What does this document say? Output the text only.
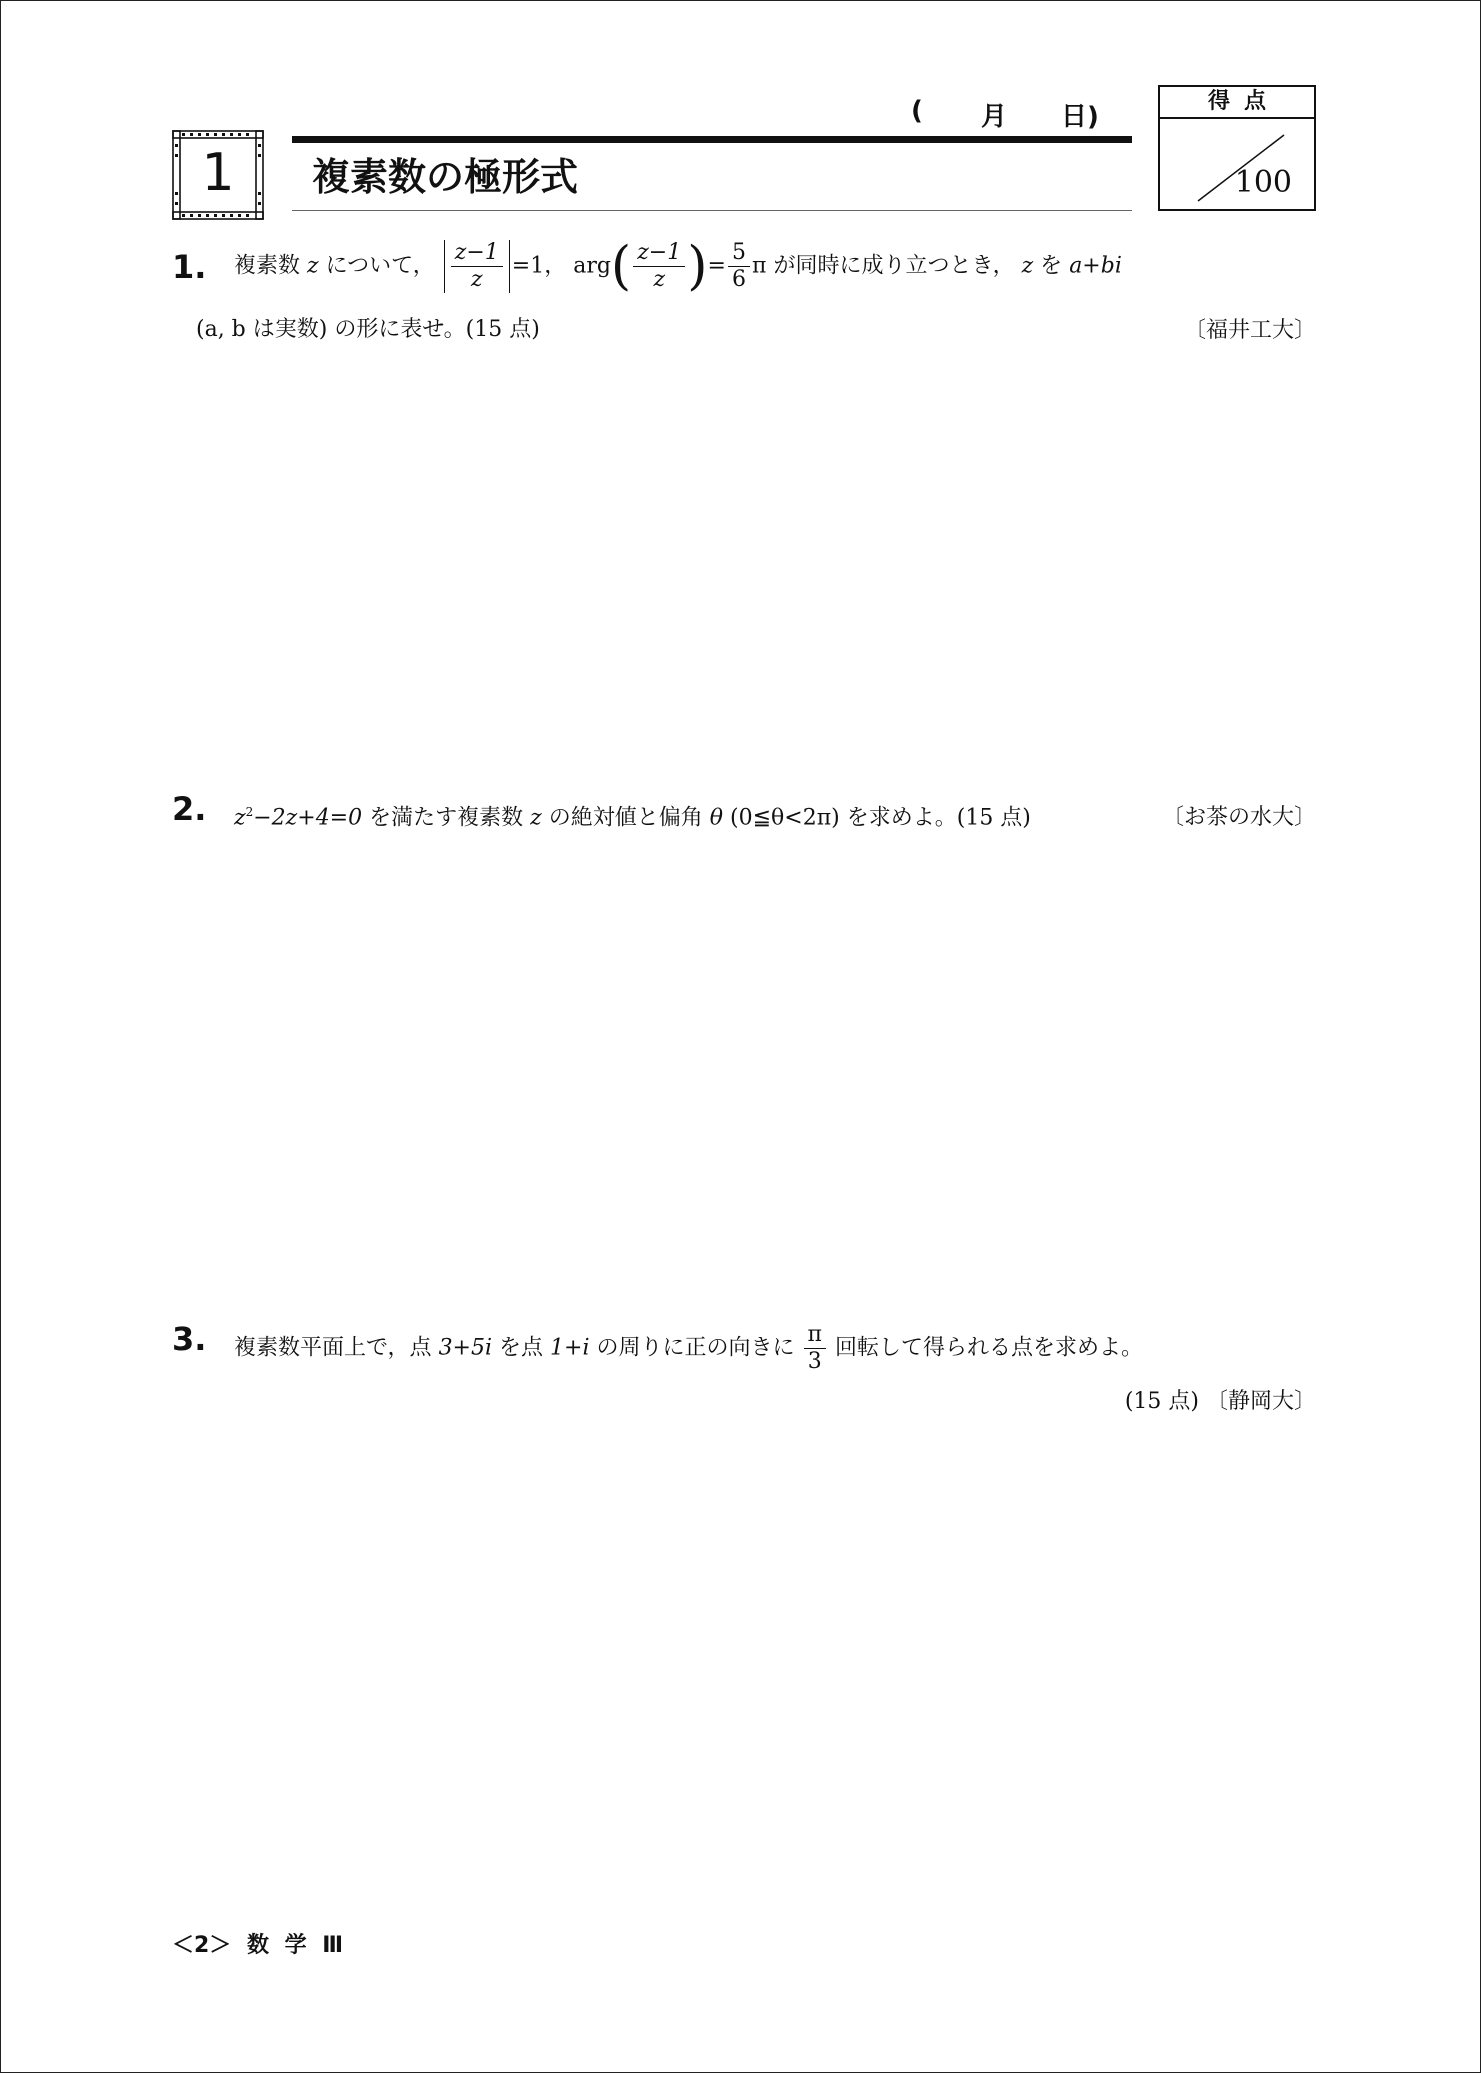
( 月 日)
得点
100
1	複素数の極形式
1. 複素数 z について， $\frac{z-1}{z} =1$， $arg( \frac{z-1}{z}$ )= $\frac{5}{6}$ π が同時に成り立つとき， z を a+bi
(a, b は実数) の形に表せ。(15 点)	〔福井工大〕
2. $z^2-2z+4=0$ を満たす複素数 z の絶対値と偏角 θ (0≦θ<2π) を求めよ。(15 点)	〔お茶の水大〕
3. 複素数平面上で，点 3+5i を点 1+i の周りに正の向きに $\frac{\pi}{3}$ 回転して得られる点を求めよ。
(15 点) 〔静岡大〕
＜2＞ 数 学 Ⅲ
